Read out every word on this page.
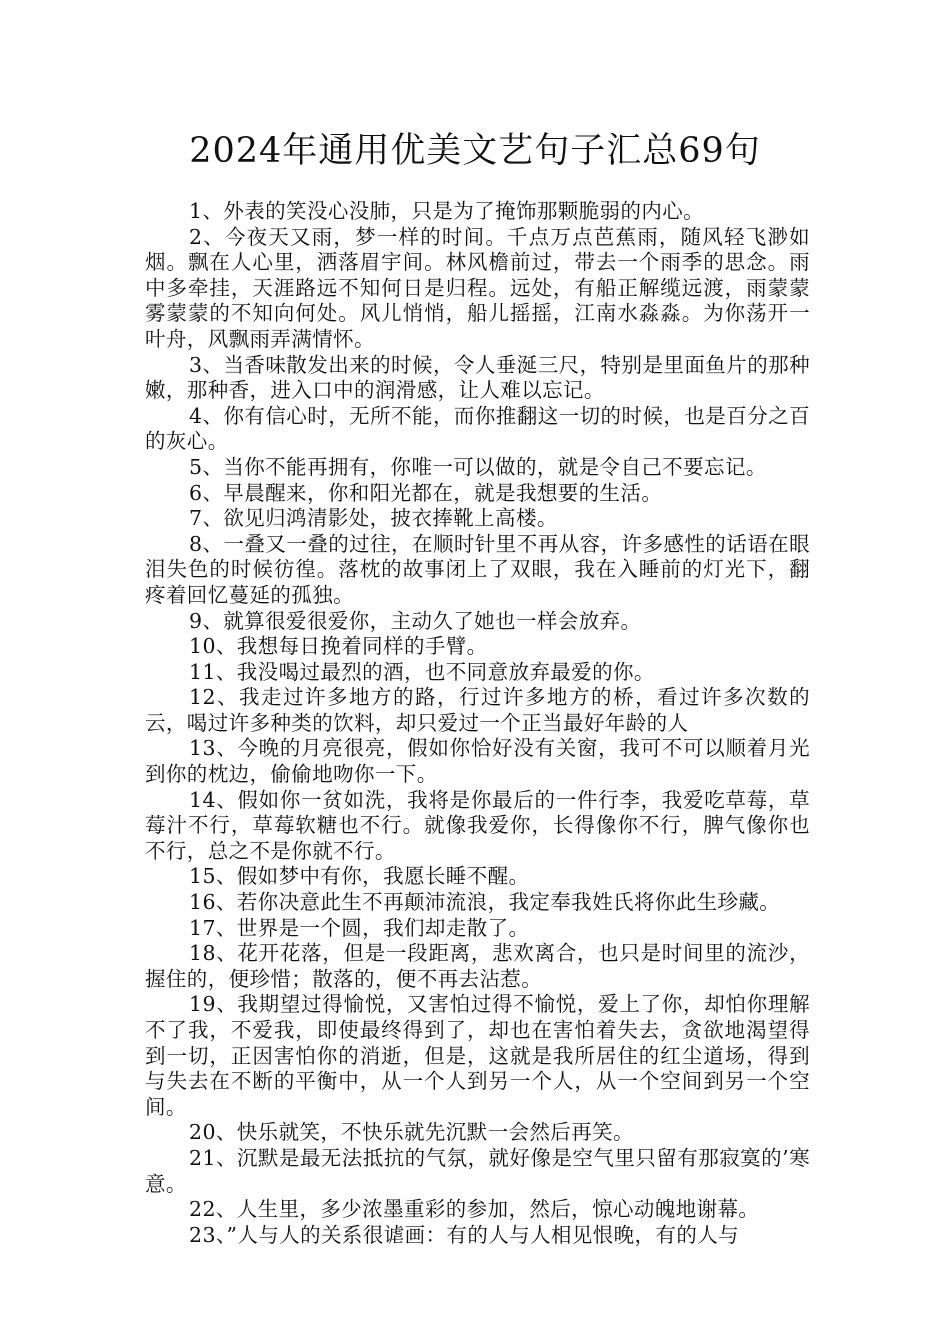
2024年通用优美文艺句子汇总69句

1、外表的笑没心没肺，只是为了掩饰那颗脆弱的内心。

2、今夜天又雨，梦一样的时间。千点万点芭蕉雨，随风轻飞渺如烟。飘在人心里，洒落眉宇间。林风檐前过，带去一个雨季的思念。雨中多牵挂，天涯路远不知何日是归程。远处，有船正解缆远渡，雨蒙蒙雾蒙蒙的不知向何处。风儿悄悄，船儿摇摇，江南水淼淼。为你荡开一叶舟，风飘雨弄满情怀。

3、当香味散发出来的时候，令人垂涎三尺，特别是里面鱼片的那种嫩，那种香，进入口中的润滑感，让人难以忘记。

4、你有信心时，无所不能，而你推翻这一切的时候，也是百分之百的灰心。

5、当你不能再拥有，你唯一可以做的，就是令自己不要忘记。

6、早晨醒来，你和阳光都在，就是我想要的生活。

7、欲见归鸿清影处，披衣捧靴上高楼。

8、一叠又一叠的过往，在顺时针里不再从容，许多感性的话语在眼泪失色的时候彷徨。落枕的故事闭上了双眼，我在入睡前的灯光下，翻疼着回忆蔓延的孤独。

9、就算很爱很爱你，主动久了她也一样会放弃。

10、我想每日挽着同样的手臂。

11、我没喝过最烈的酒，也不同意放弃最爱的你。

12、我走过许多地方的路，行过许多地方的桥，看过许多次数的云，喝过许多种类的饮料，却只爱过一个正当最好年龄的人

13、今晚的月亮很亮，假如你恰好没有关窗，我可不可以顺着月光到你的枕边，偷偷地吻你一下。

14、假如你一贫如洗，我将是你最后的一件行李，我爱吃草莓，草莓汁不行，草莓软糖也不行。就像我爱你，长得像你不行，脾气像你也不行，总之不是你就不行。

15、假如梦中有你，我愿长睡不醒。

16、若你决意此生不再颠沛流浪，我定奉我姓氏将你此生珍藏。

17、世界是一个圆，我们却走散了。

18、花开花落，但是一段距离，悲欢离合，也只是时间里的流沙，握住的，便珍惜；散落的，便不再去沾惹。

19、我期望过得愉悦，又害怕过得不愉悦，爱上了你，却怕你理解不了我，不爱我，即使最终得到了，却也在害怕着失去，贪欲地渴望得到一切，正因害怕你的消逝，但是，这就是我所居住的红尘道场，得到与失去在不断的平衡中，从一个人到另一个人，从一个空间到另一个空间。

20、快乐就笑，不快乐就先沉默一会然后再笑。

21、沉默是最无法抵抗的气氛，就好像是空气里只留有那寂寞的’寒意。

22、人生里，多少浓墨重彩的参加，然后，惊心动魄地谢幕。

23、”人与人的关系很谑画：有的人与人相见恨晚，有的人与
